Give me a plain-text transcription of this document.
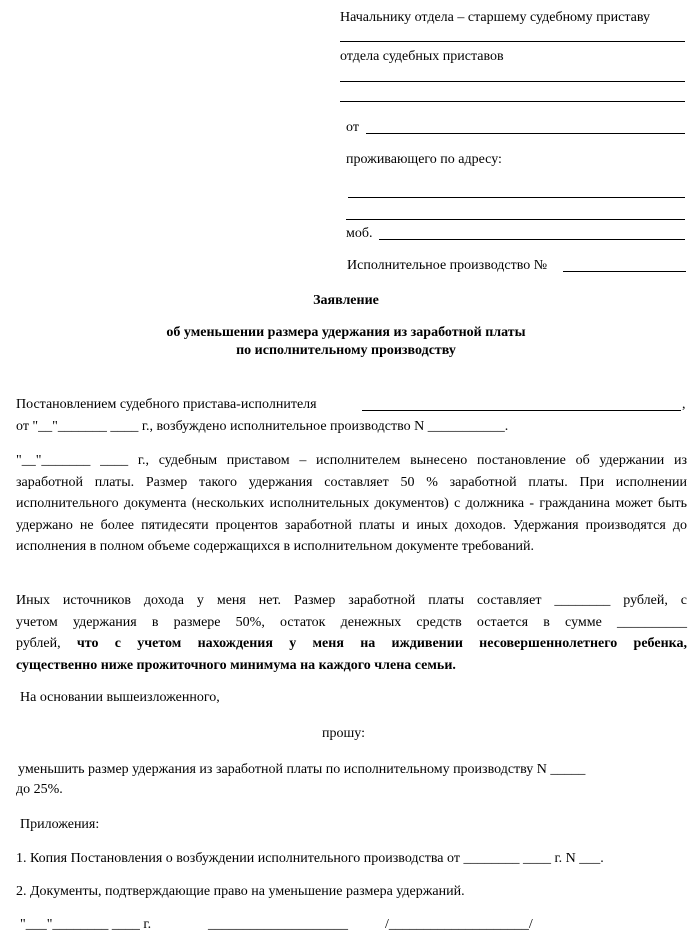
Начальнику отдела – старшему судебному приставу
отдела судебных приставов
от
проживающего по адресу:
моб.
Исполнительное производство №
Заявление
об уменьшении размера удержания из заработной платы
по исполнительному производству
Постановлением судебного пристава-исполнителя	,
от "__"_______ ____ г., возбуждено исполнительное производство N ___________.
"__"_______ ____ г., судебным приставом – исполнителем вынесено постановление об удержании из заработной платы. Размер такого удержания составляет 50 % заработной платы. При исполнении исполнительного документа (нескольких исполнительных документов) с должника - гражданина может быть удержано не более пятидесяти процентов заработной платы и иных доходов. Удержания производятся до исполнения в полном объеме содержащихся в исполнительном документе требований.
Иных источников дохода у меня нет. Размер заработной платы составляет ________ рублей, с
учетом удержания в размере 50%, остаток денежных средств остается в сумме __________
рублей, что с учетом нахождения у меня на иждивении несовершеннолетнего ребенка,
существенно ниже прожиточного минимума на каждого члена семьи.
На основании вышеизложенного,
прошу:
уменьшить размер удержания из заработной платы по исполнительному производству N _____
до 25%.
Приложения:
1. Копия Постановления о возбуждении исполнительного производства от ________ ____ г. N ___.
2. Документы, подтверждающие право на уменьшение размера удержаний.
"___"________ ____ г.	____________________	/____________________/
